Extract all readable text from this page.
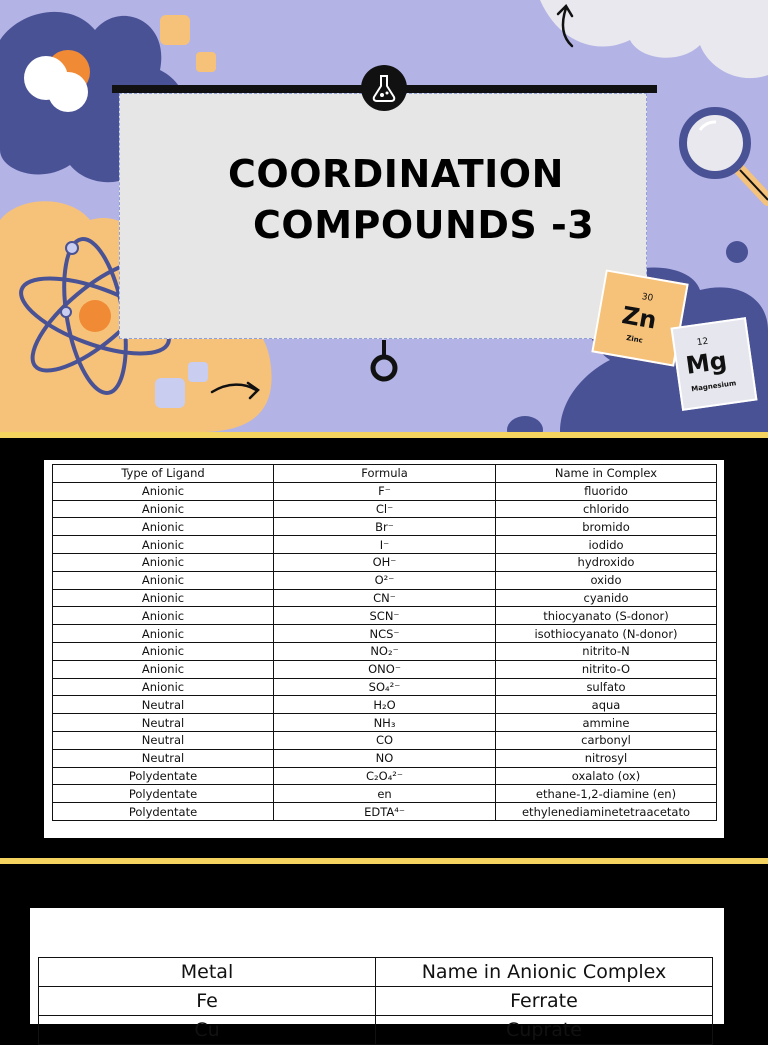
COORDINATION
COMPOUNDS -3
30
Zn
Zinc	12
Mg
Magnesium
Type of Ligand	Formula	Name in Complex
Anionic	F⁻	fluorido
Anionic	Cl⁻	chlorido
Anionic	Br⁻	bromido
Anionic	I⁻	iodido
Anionic	OH⁻	hydroxido
Anionic	O²⁻	oxido
Anionic	CN⁻	cyanido
Anionic	SCN⁻	thiocyanato (S-donor)
Anionic	NCS⁻	isothiocyanato (N-donor)
Anionic	NO₂⁻	nitrito-N
Anionic	ONO⁻	nitrito-O
Anionic	SO₄²⁻	sulfato
Neutral	H₂O	aqua
Neutral	NH₃	ammine
Neutral	CO	carbonyl
Neutral	NO	nitrosyl
Polydentate	C₂O₄²⁻	oxalato (ox)
Polydentate	en	ethane-1,2-diamine (en)
Polydentate	EDTA⁴⁻	ethylenediaminetetraacetato
Metal	Name in Anionic Complex
Fe	Ferrate
Cu	Cuprate
